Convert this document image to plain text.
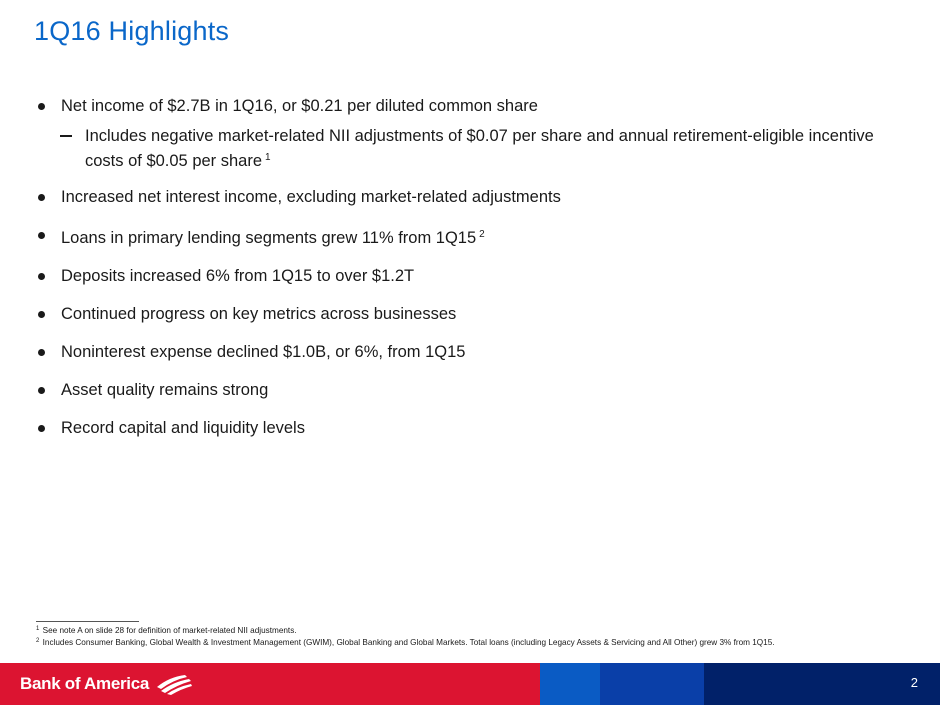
1Q16 Highlights
Net income of $2.7B in 1Q16, or $0.21 per diluted common share
Includes negative market-related NII adjustments of $0.07 per share and annual retirement-eligible incentive costs of $0.05 per share $^1$
Increased net interest income, excluding market-related adjustments
Loans in primary lending segments grew 11% from 1Q15 $^2$
Deposits increased 6% from 1Q15 to over $1.2T
Continued progress on key metrics across businesses
Noninterest expense declined $1.0B, or 6%, from 1Q15
Asset quality remains strong
Record capital and liquidity levels
$^1$ See note A on slide 28 for definition of market-related NII adjustments.
$^2$ Includes Consumer Banking, Global Wealth & Investment Management (GWIM), Global Banking and Global Markets. Total loans (including Legacy Assets & Servicing and All Other) grew 3% from 1Q15.
Bank of America	2
